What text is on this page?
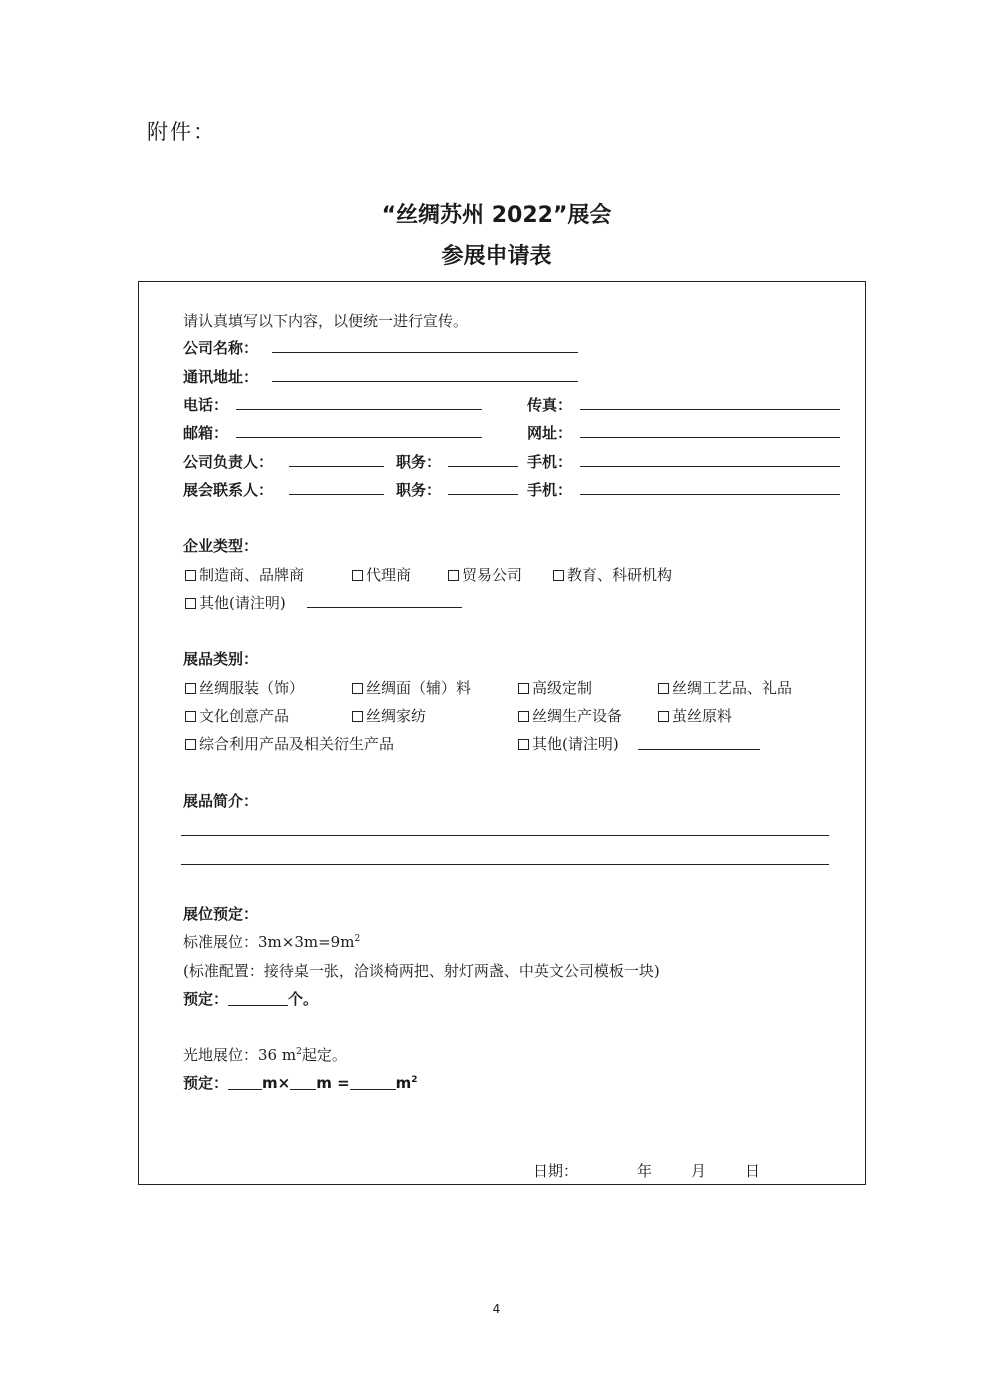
附件：
“丝绸苏州 2022”展会
参展申请表
请认真填写以下内容，以便统一进行宣传。
公司名称：
通讯地址：
电话：	传真：
邮箱：	网址：
公司负责人：	职务：	手机：
展会联系人：	职务：	手机：
企业类型：
制造商、品牌商	代理商	贸易公司	教育、科研机构
其他(请注明)
展品类别：
丝绸服装（饰）	丝绸面（辅）料	高级定制	丝绸工艺品、礼品
文化创意产品	丝绸家纺	丝绸生产设备	茧丝原料
综合利用产品及相关衍生产品	其他(请注明)
展品简介：
展位预定：
标准展位：$3m\times 3m=9m^2$
(标准配置：接待桌一张，洽谈椅两把、射灯两盏、中英文公司模板一块)
预定：	个。
光地展位：36 $m^2$起定。
预定： m× m =	$m^2$
日期：	年	月	日
4
